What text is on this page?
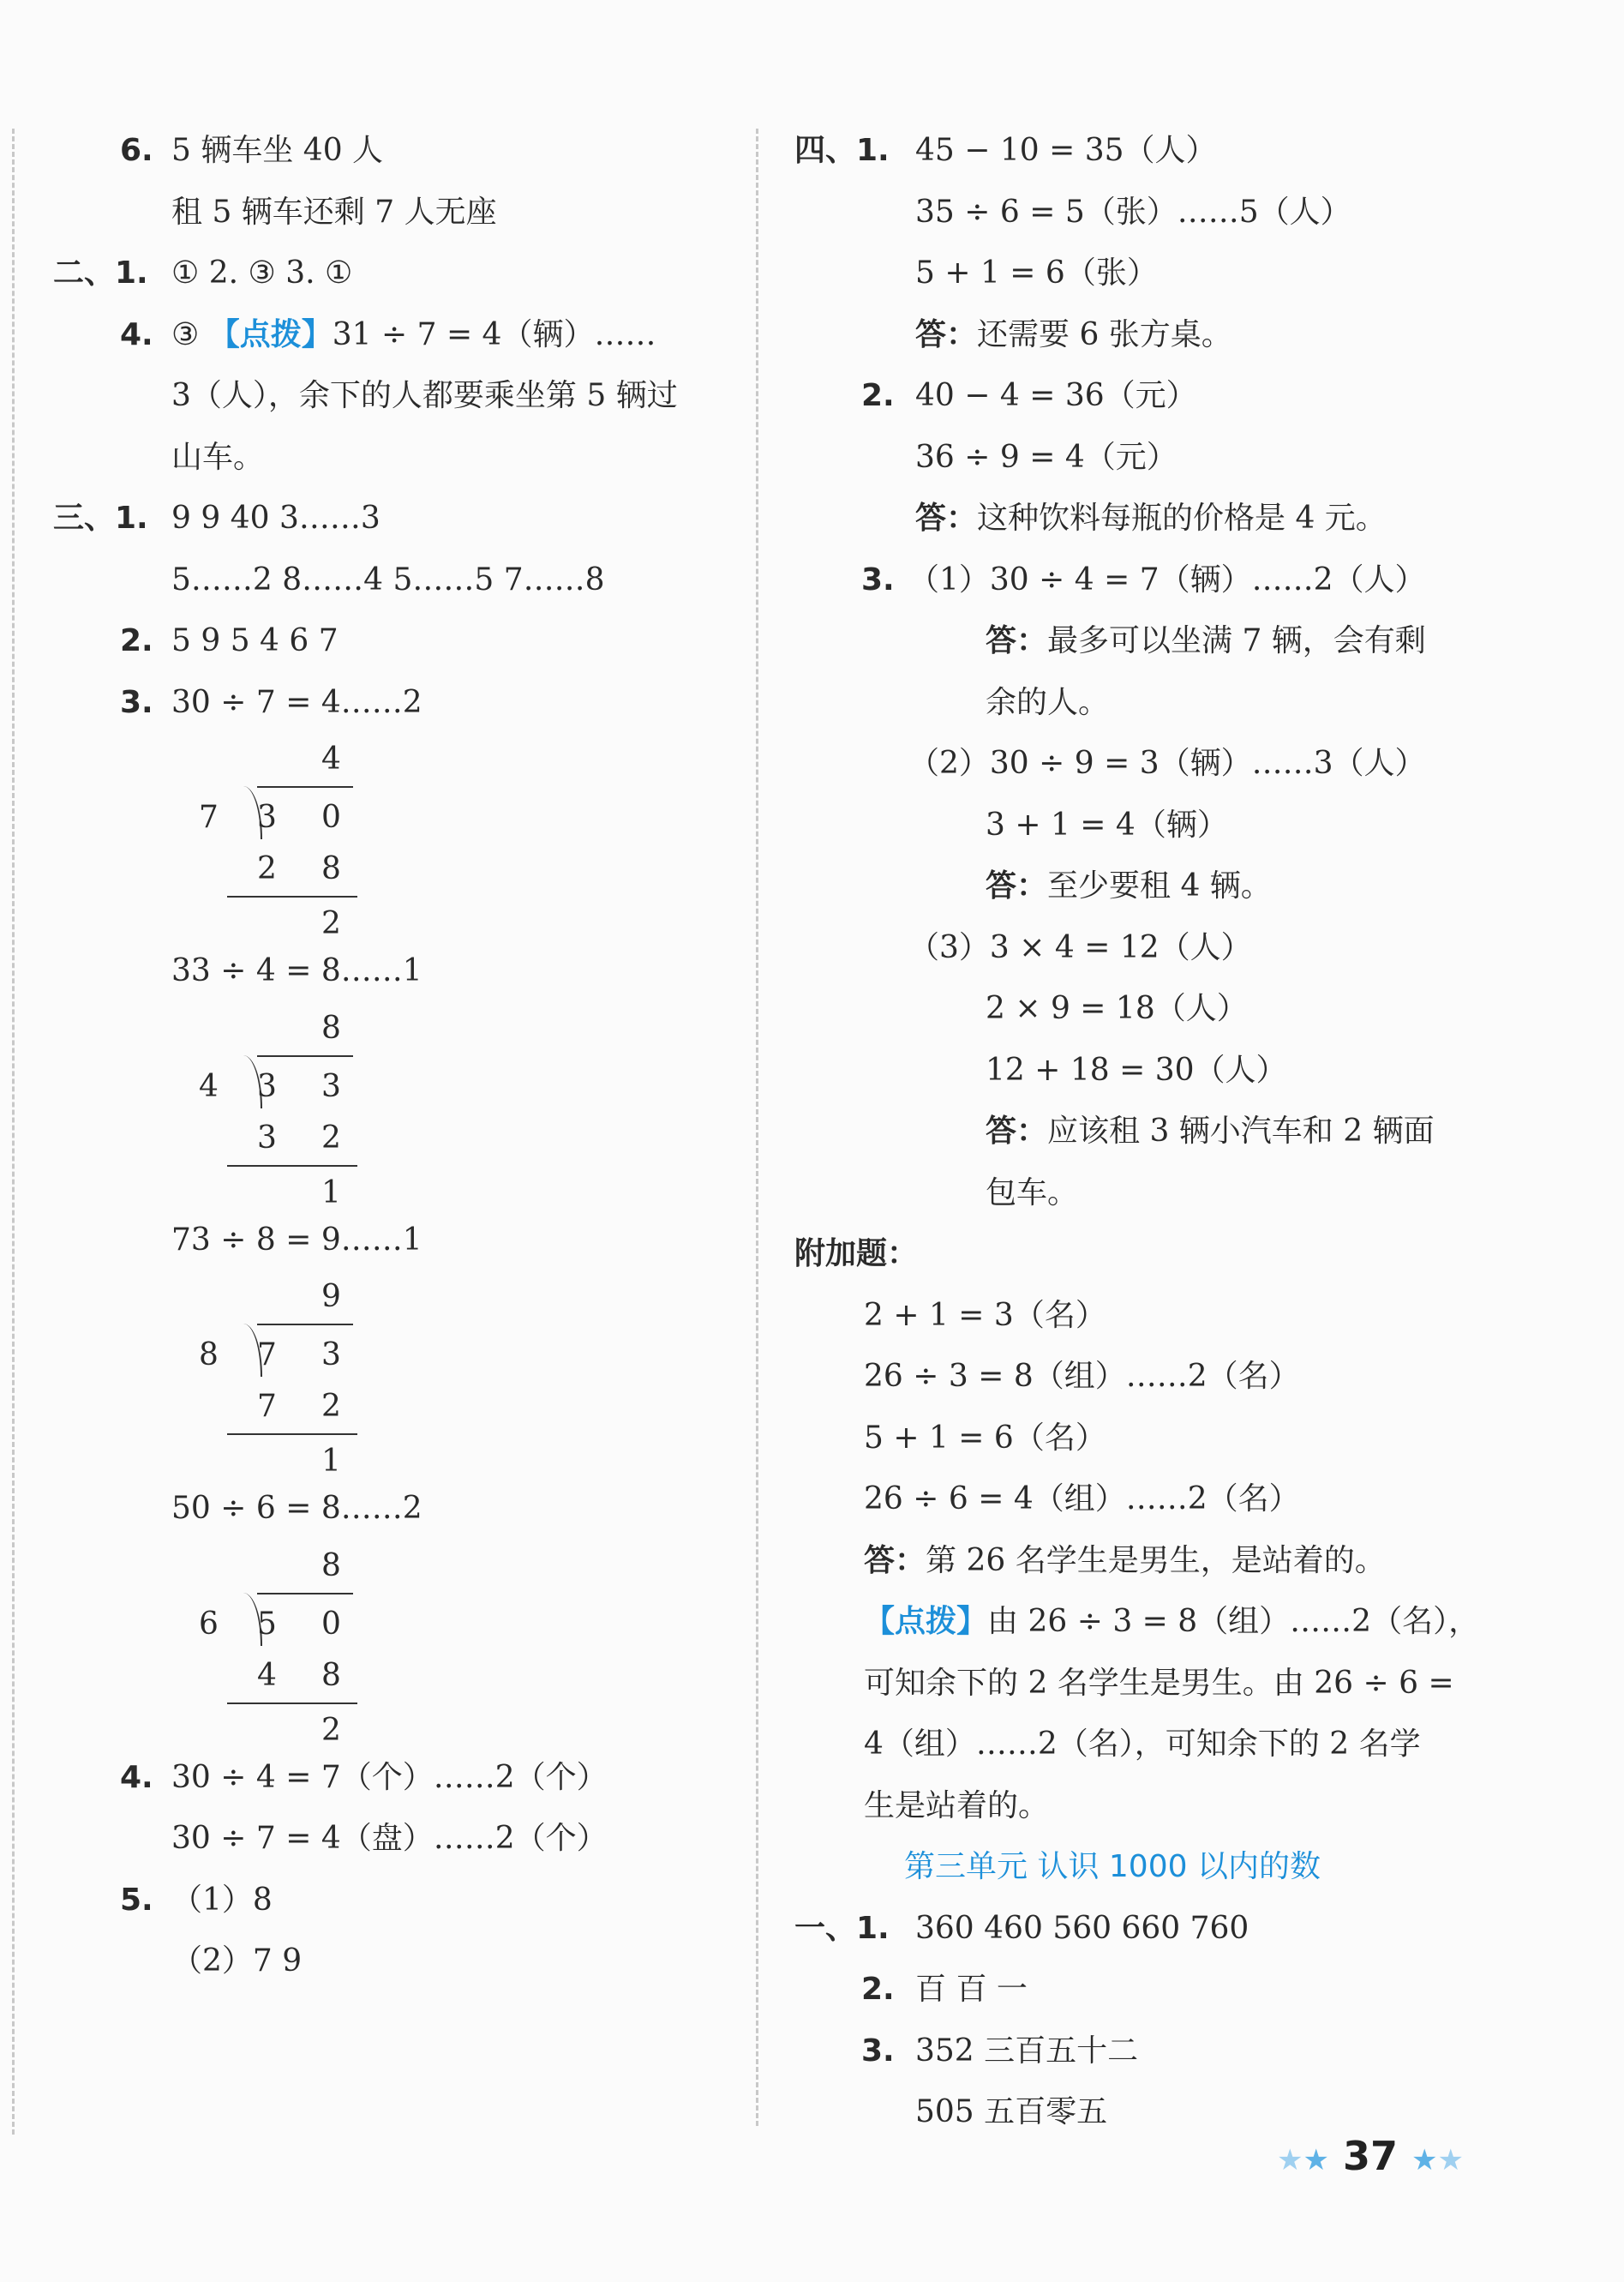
6. 5 辆车坐 40 人
租 5 辆车还剩 7 人无座
二、1. ① 2. ③ 3. ①
4. ③ 【点拨】31 ÷ 7 = 4（辆）……
3（人），余下的人都要乘坐第 5 辆过
山车。
三、1. 9 9 40 3……3
5……2 8……4 5……5 7……8
2. 5 9 5 4 6 7
3. 30 ÷ 7 = 4……2
4
7 3 0
2 8
2
33 ÷ 4 = 8……1
8
4 3 3
3 2
1
73 ÷ 8 = 9……1
9
8 7 3
7 2
1
50 ÷ 6 = 8……2
8
6 5 0
4 8
2
4. 30 ÷ 4 = 7（个）……2（个）
30 ÷ 7 = 4（盘）……2（个）
5. （1）8
（2）7 9
四、1. 45 − 10 = 35（人）
35 ÷ 6 = 5（张）……5（人）
5 + 1 = 6（张）
答：还需要 6 张方桌。
2. 40 − 4 = 36（元）
36 ÷ 9 = 4（元）
答：这种饮料每瓶的价格是 4 元。
3. （1）30 ÷ 4 = 7（辆）……2（人）
答：最多可以坐满 7 辆，会有剩
余的人。
（2）30 ÷ 9 = 3（辆）……3（人）
3 + 1 = 4（辆）
答：至少要租 4 辆。
（3）3 × 4 = 12（人）
2 × 9 = 18（人）
12 + 18 = 30（人）
答：应该租 3 辆小汽车和 2 辆面
包车。
附加题：
2 + 1 = 3（名）
26 ÷ 3 = 8（组）……2（名）
5 + 1 = 6（名）
26 ÷ 6 = 4（组）……2（名）
答：第 26 名学生是男生，是站着的。
【点拨】由 26 ÷ 3 = 8（组）……2（名），
可知余下的 2 名学生是男生。由 26 ÷ 6 =
4（组）……2（名），可知余下的 2 名学
生是站着的。
第三单元 认识 1000 以内的数
一、1. 360 460 560 660 760
2. 百 百 一
3. 352 三百五十二
505 五百零五
★★ 37 ★★
